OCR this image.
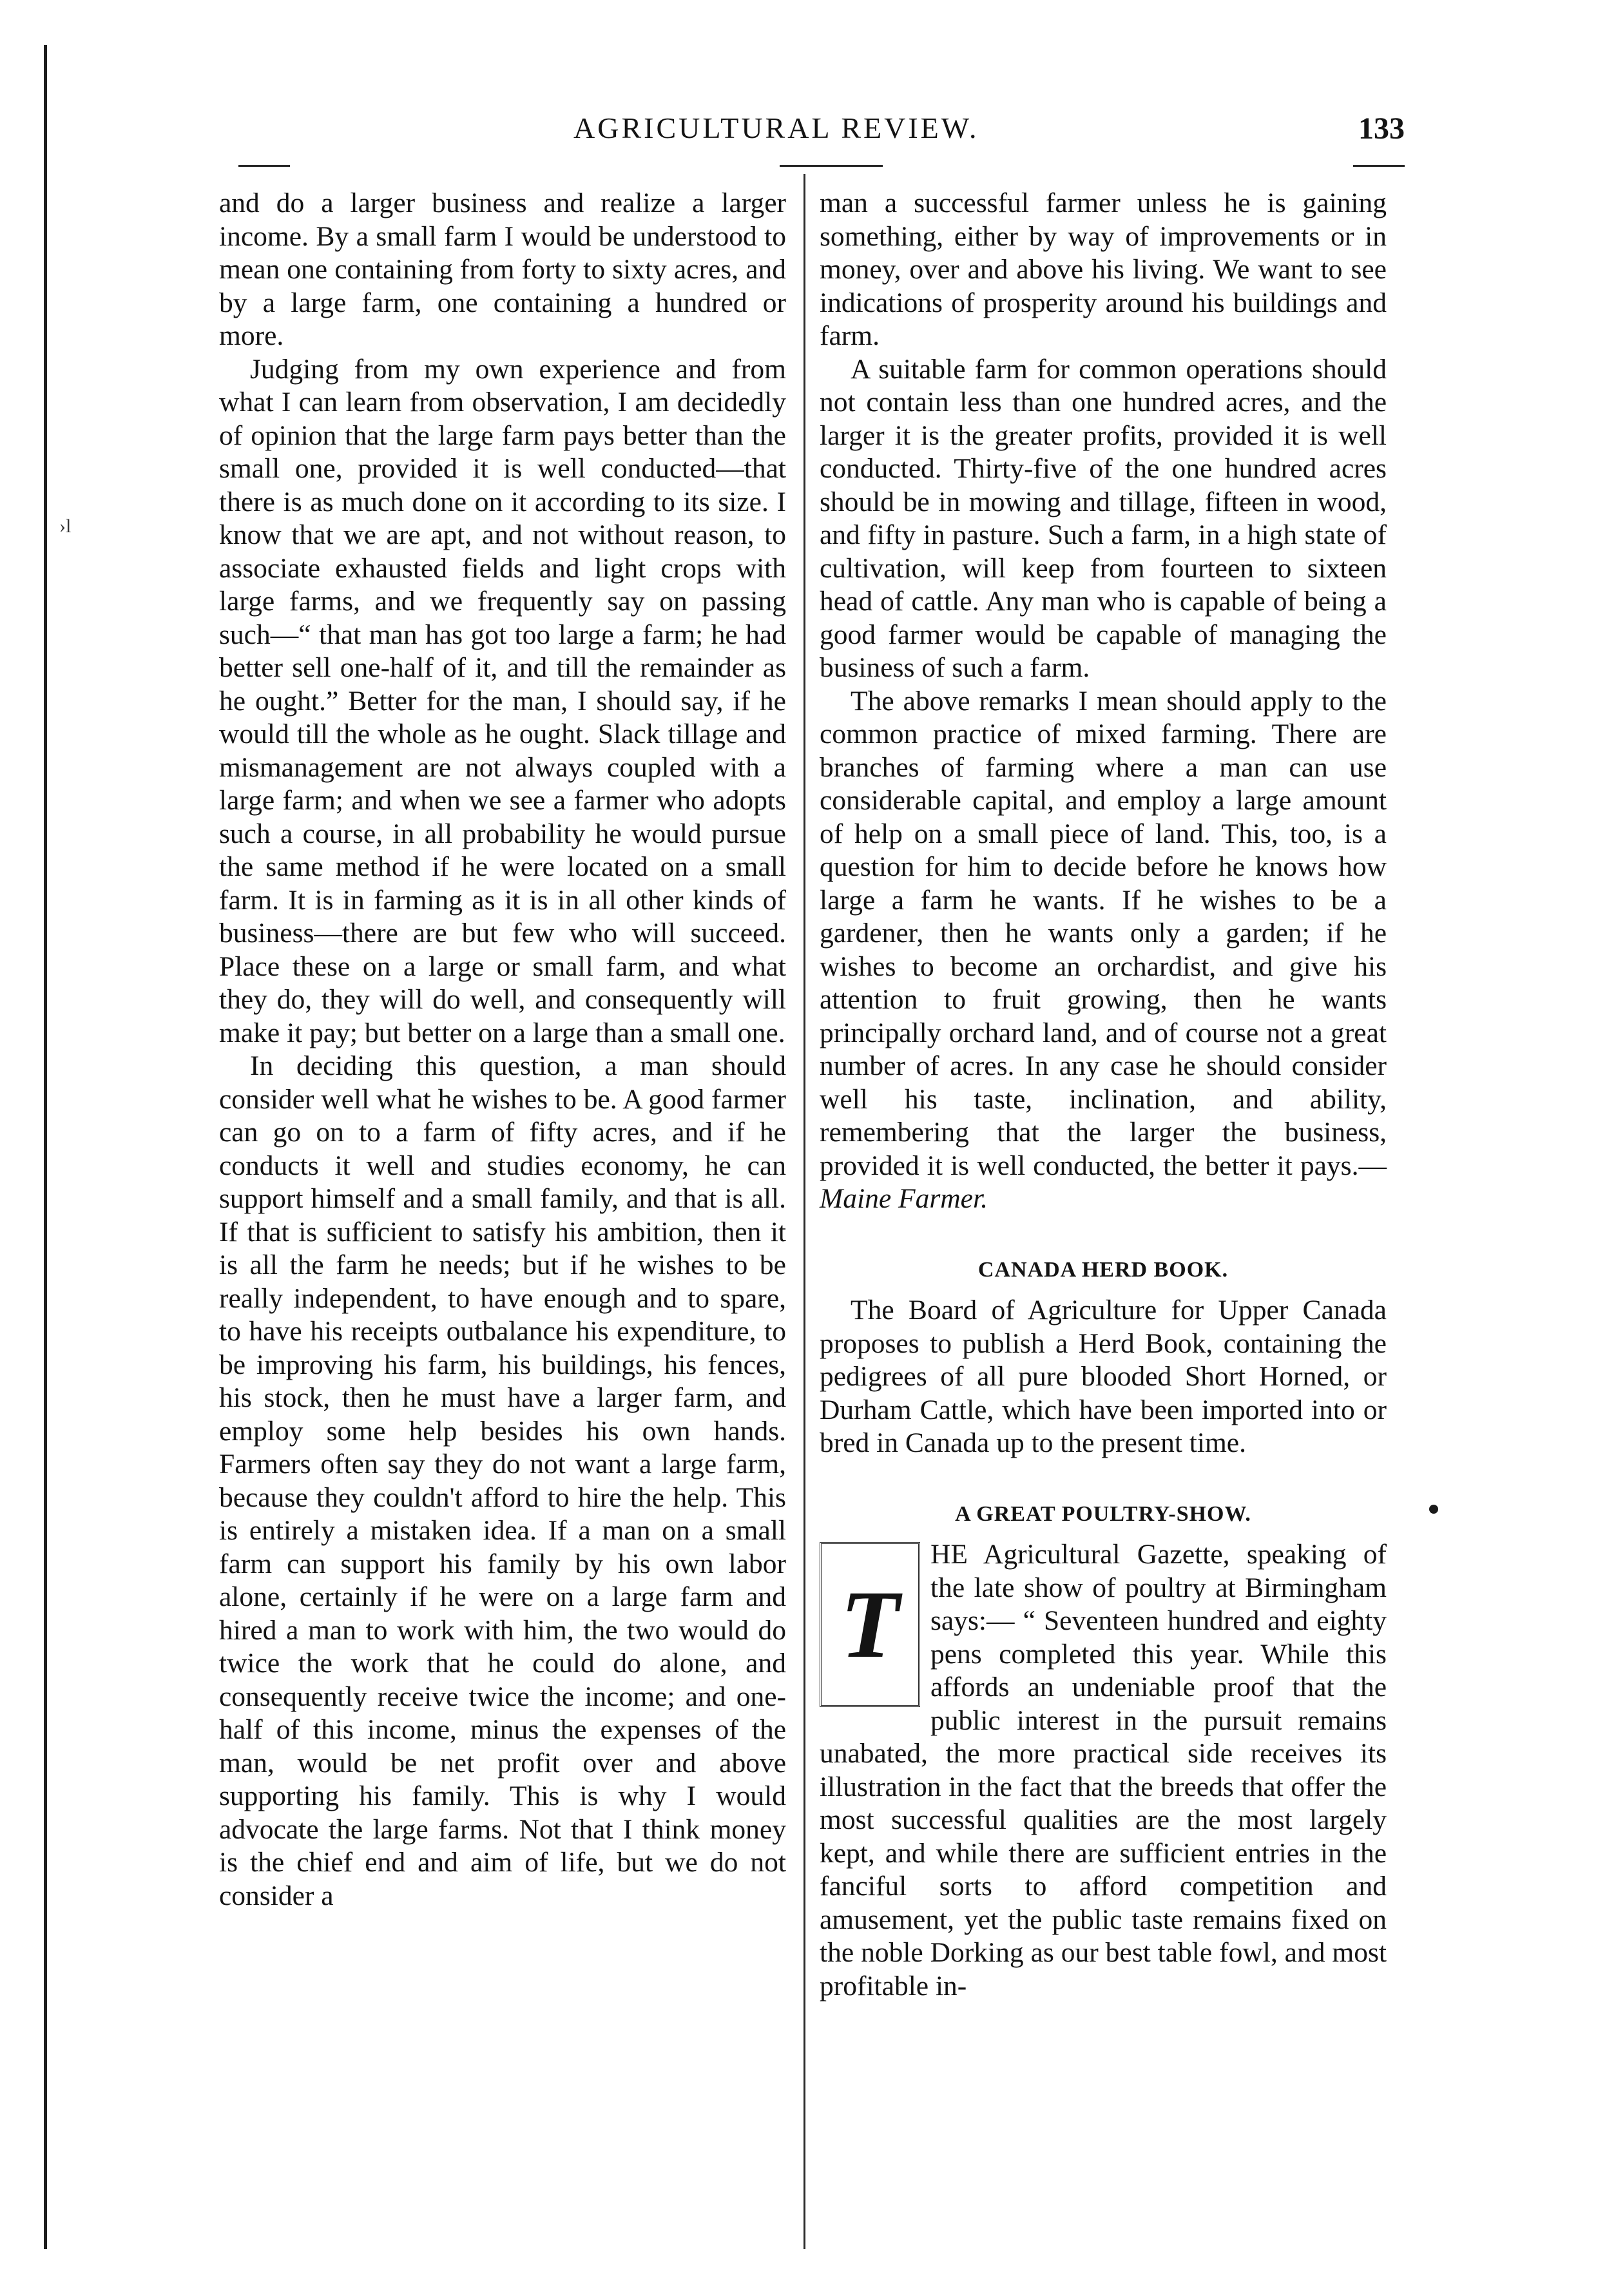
›l
AGRICULTURAL REVIEW.	133

and do a larger business and realize a larger income. By a small farm I would be understood to mean one containing from forty to sixty acres, and by a large farm, one containing a hundred or more.

Judging from my own experience and from what I can learn from observation, I am decidedly of opinion that the large farm pays better than the small one, provided it is well conducted—that there is as much done on it according to its size. I know that we are apt, and not without reason, to associate exhausted fields and light crops with large farms, and we frequently say on passing such—“ that man has got too large a farm; he had better sell one-half of it, and till the remainder as he ought.” Better for the man, I should say, if he would till the whole as he ought. Slack tillage and mismanagement are not always coupled with a large farm; and when we see a farmer who adopts such a course, in all probability he would pursue the same method if he were located on a small farm. It is in farming as it is in all other kinds of business—there are but few who will succeed. Place these on a large or small farm, and what they do, they will do well, and consequently will make it pay; but better on a large than a small one.

In deciding this question, a man should consider well what he wishes to be. A good farmer can go on to a farm of fifty acres, and if he conducts it well and studies economy, he can support himself and a small family, and that is all. If that is sufficient to satisfy his ambition, then it is all the farm he needs; but if he wishes to be really independent, to have enough and to spare, to have his receipts outbalance his expenditure, to be improving his farm, his buildings, his fences, his stock, then he must have a larger farm, and employ some help besides his own hands. Farmers often say they do not want a large farm, because they couldn't afford to hire the help. This is entirely a mistaken idea. If a man on a small farm can support his family by his own labor alone, certainly if he were on a large farm and hired a man to work with him, the two would do twice the work that he could do alone, and consequently receive twice the income; and one-half of this income, minus the expenses of the man, would be net profit over and above supporting his family. This is why I would advocate the large farms. Not that I think money is the chief end and aim of life, but we do not consider a

man a successful farmer unless he is gaining something, either by way of improvements or in money, over and above his living. We want to see indications of prosperity around his buildings and farm.

A suitable farm for common operations should not contain less than one hundred acres, and the larger it is the greater profits, provided it is well conducted. Thirty-five of the one hundred acres should be in mowing and tillage, fifteen in wood, and fifty in pasture. Such a farm, in a high state of cultivation, will keep from fourteen to sixteen head of cattle. Any man who is capable of being a good farmer would be capable of managing the business of such a farm.

The above remarks I mean should apply to the common practice of mixed farming. There are branches of farming where a man can use considerable capital, and employ a large amount of help on a small piece of land. This, too, is a question for him to decide before he knows how large a farm he wants. If he wishes to be a gardener, then he wants only a garden; if he wishes to become an orchardist, and give his attention to fruit growing, then he wants principally orchard land, and of course not a great number of acres. In any case he should consider well his taste, inclination, and ability, remembering that the larger the business, provided it is well conducted, the better it pays.—Maine Farmer.

CANADA HERD BOOK.

The Board of Agriculture for Upper Canada proposes to publish a Herd Book, containing the pedigrees of all pure blooded Short Horned, or Durham Cattle, which have been imported into or bred in Canada up to the present time.

A GREAT POULTRY-SHOW.

T

HE Agricultural Gazette, speaking of the late show of poultry at Birmingham says:— “ Seventeen hundred and eighty pens completed this year. While this affords an undeniable proof that the public interest in the pursuit remains unabated, the more practical side receives its illustration in the fact that the breeds that offer the most successful qualities are the most largely kept, and while there are sufficient entries in the fanciful sorts to afford competition and amusement, yet the public taste remains fixed on the noble Dorking as our best table fowl, and most profitable in-
